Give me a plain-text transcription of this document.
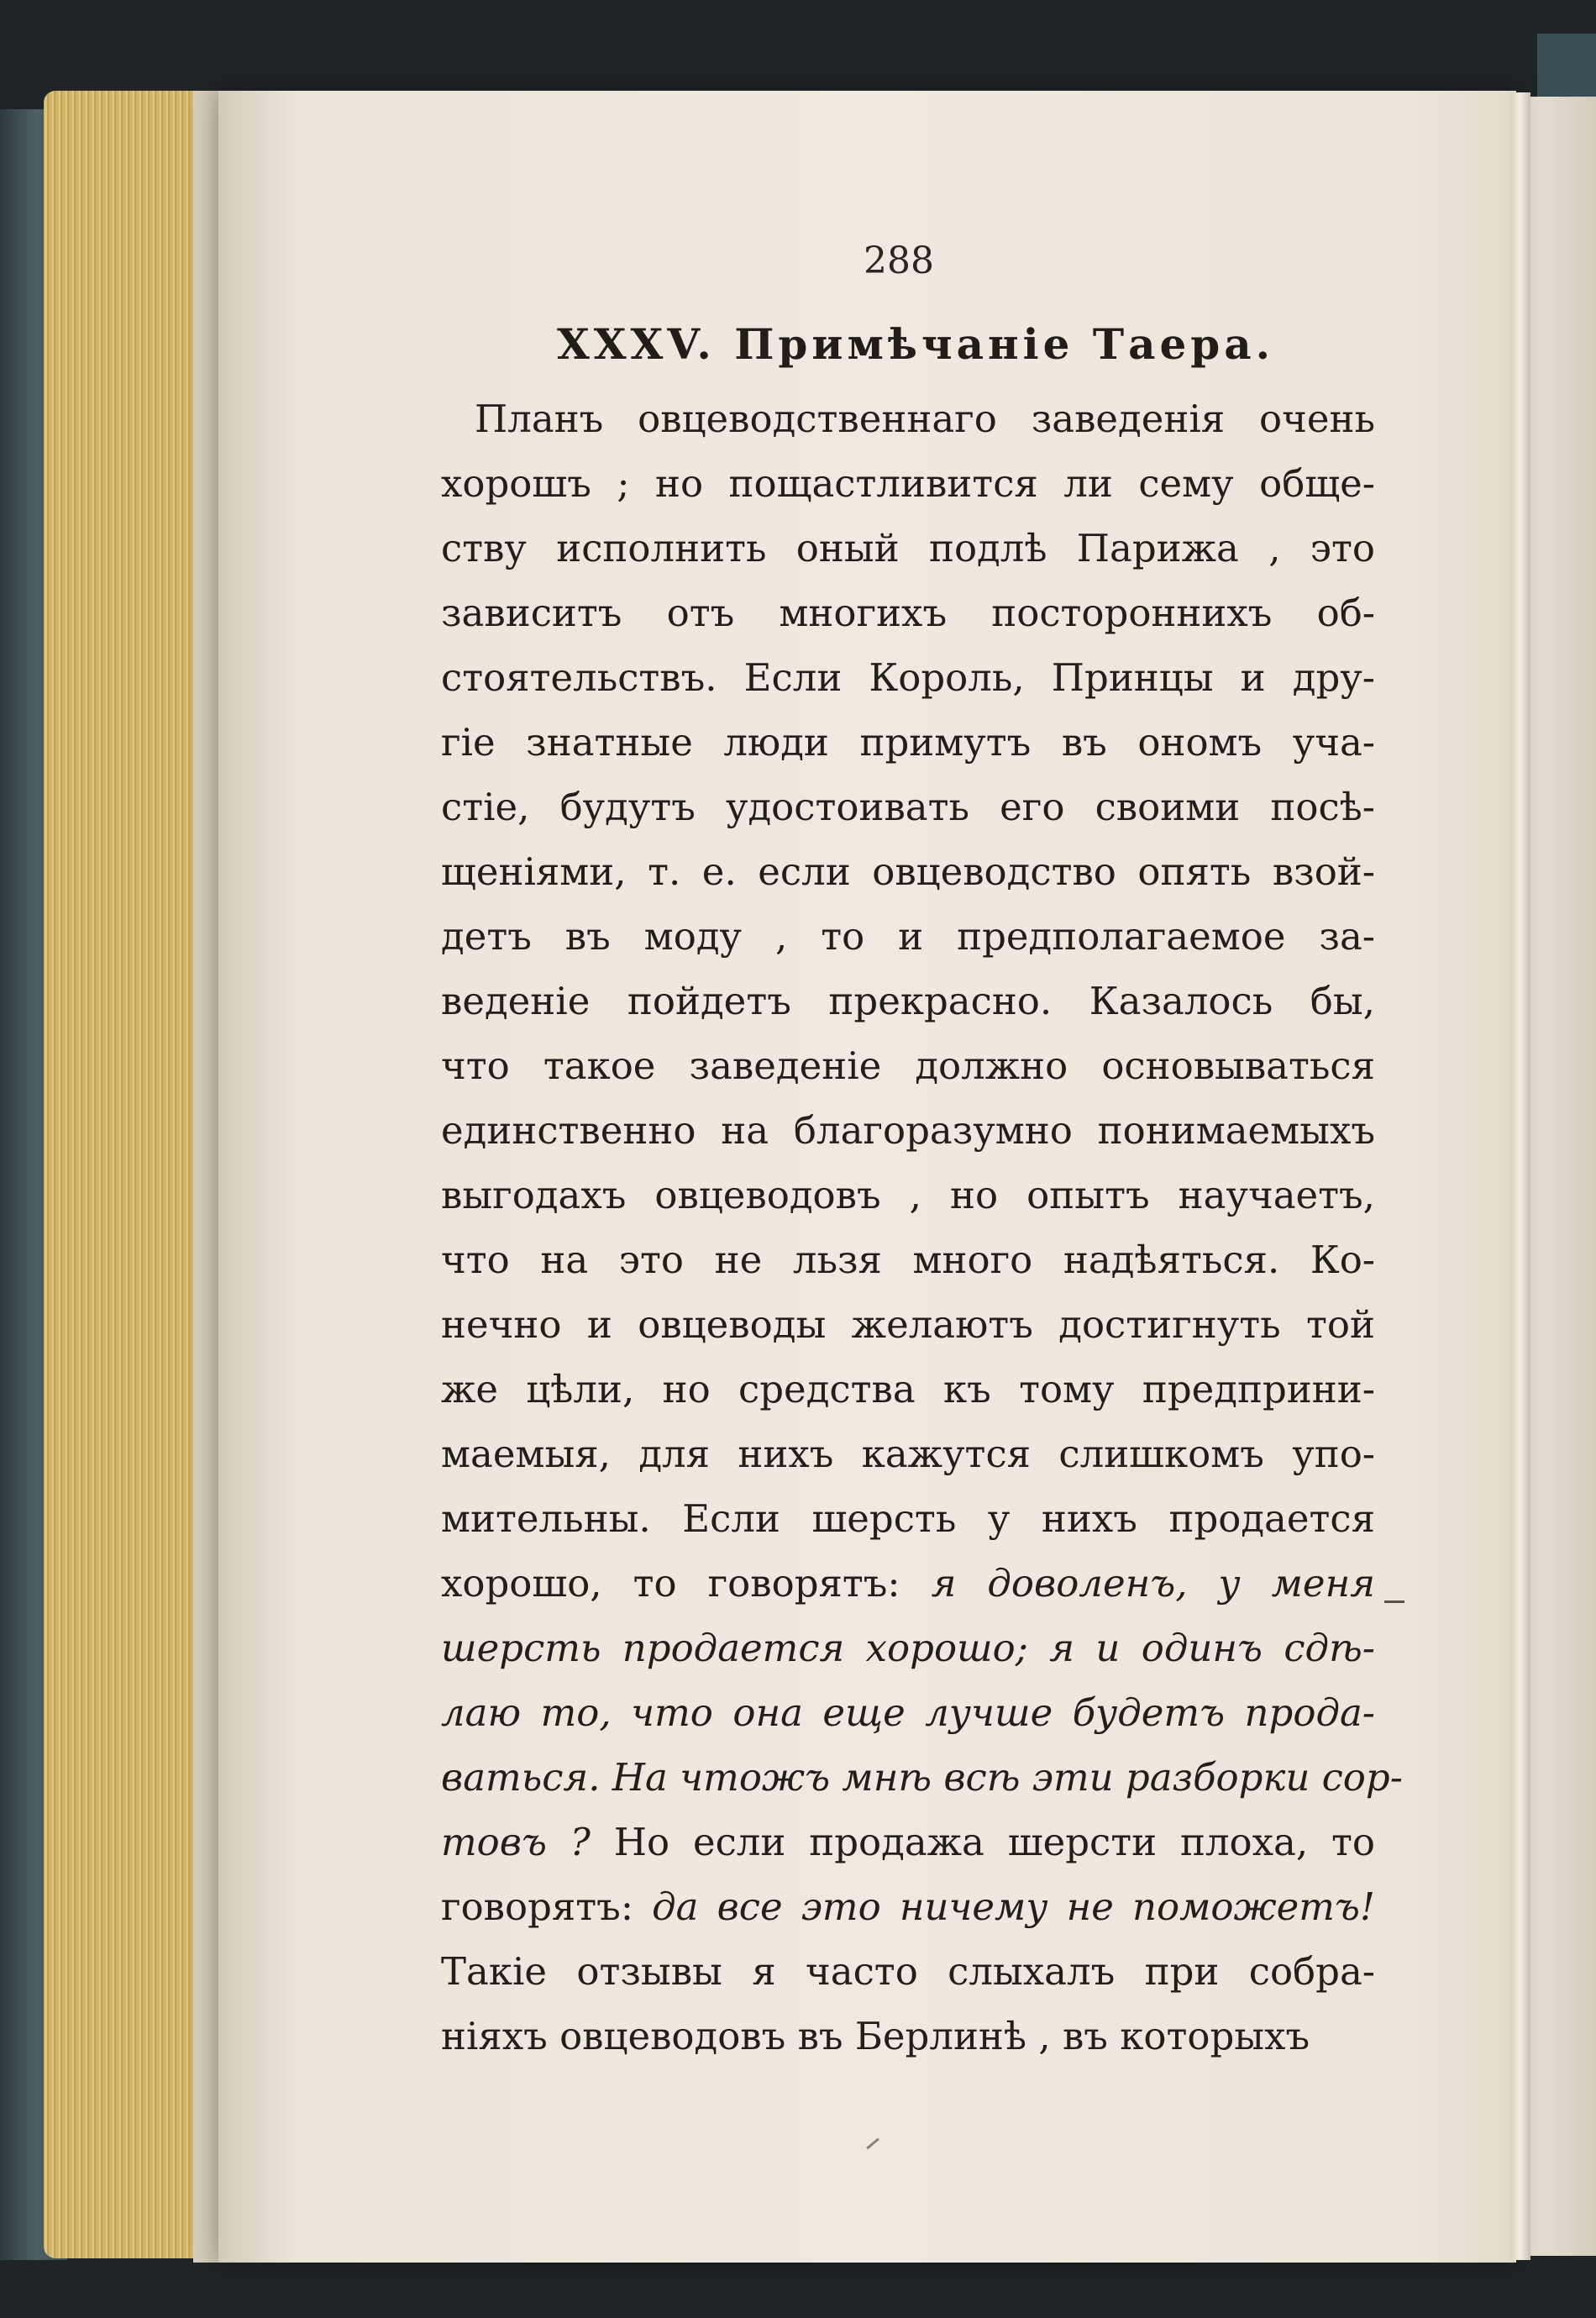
288
XXXV. Примѣчаніе Таера.
Планъ овцеводственнаго заведенія очень
хорошъ ; но пощастливится ли сему обще-
ству исполнить оный подлѣ Парижа , это
зависитъ отъ многихъ постороннихъ об-
стоятельствъ. Если Король, Принцы и дру-
гіе знатные люди примутъ въ ономъ уча-
стіе, будутъ удостоивать его своими посѣ-
щеніями, т. е. если овцеводство опять взой-
детъ въ моду , то и предполагаемое за-
веденіе пойдетъ прекрасно. Казалось бы,
что такое заведеніе должно основываться
единственно на благоразумно понимаемыхъ
выгодахъ овцеводовъ , но опытъ научаетъ,
что на это не льзя много надѣяться. Ко-
нечно и овцеводы желаютъ достигнуть той
же цѣли, но средства къ тому предприни-
маемыя, для нихъ кажутся слишкомъ упо-
мительны. Если шерсть у нихъ продается
хорошо, то говорятъ: я доволенъ, у меня
шерсть продается хорошо; я и одинъ сдѣ-
лаю то, что она еще лучше будетъ прода-
ваться. На чтожъ мнѣ всѣ эти разборки сор-
товъ ? Но если продажа шерсти плоха, то
говорятъ: да все это ничему не поможетъ!
Такіе отзывы я часто слыхалъ при собра-
ніяхъ овцеводовъ въ Берлинѣ , въ которыхъ
